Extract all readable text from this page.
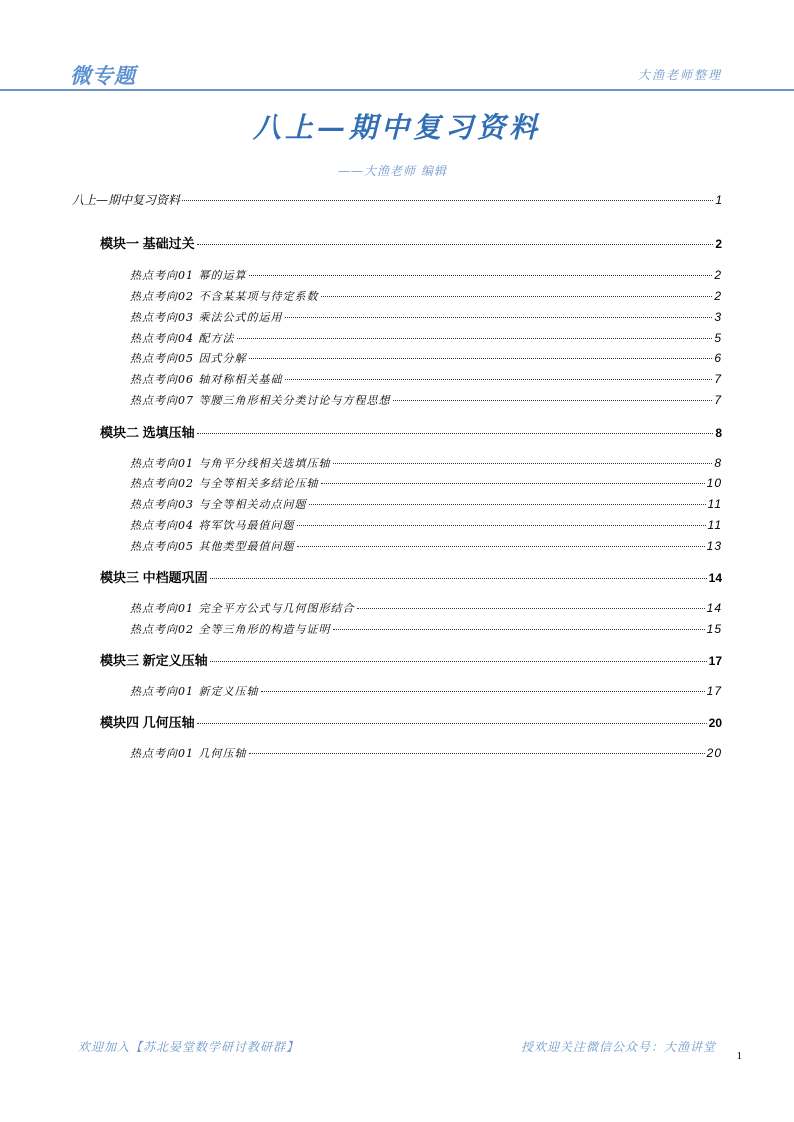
微专题	大渔老师整理
八上—期中复习资料
——大渔老师 编辑
八上—期中复习资料	1
模块一 基础过关	2
热点考向01 幂的运算	2
热点考向02 不含某某项与待定系数	2
热点考向03 乘法公式的运用	3
热点考向04 配方法	5
热点考向05 因式分解	6
热点考向06 轴对称相关基础	7
热点考向07 等腰三角形相关分类讨论与方程思想	7
模块二 选填压轴	8
热点考向01 与角平分线相关选填压轴	8
热点考向02 与全等相关多结论压轴	10
热点考向03 与全等相关动点问题	11
热点考向04 将军饮马最值问题	11
热点考向05 其他类型最值问题	13
模块三 中档题巩固	14
热点考向01 完全平方公式与几何图形结合	14
热点考向02 全等三角形的构造与证明	15
模块三 新定义压轴	17
热点考向01 新定义压轴	17
模块四 几何压轴	20
热点考向01 几何压轴	20
欢迎加入【苏北晏堂数学研讨教研群】	授欢迎关注微信公众号：大渔讲堂
1
